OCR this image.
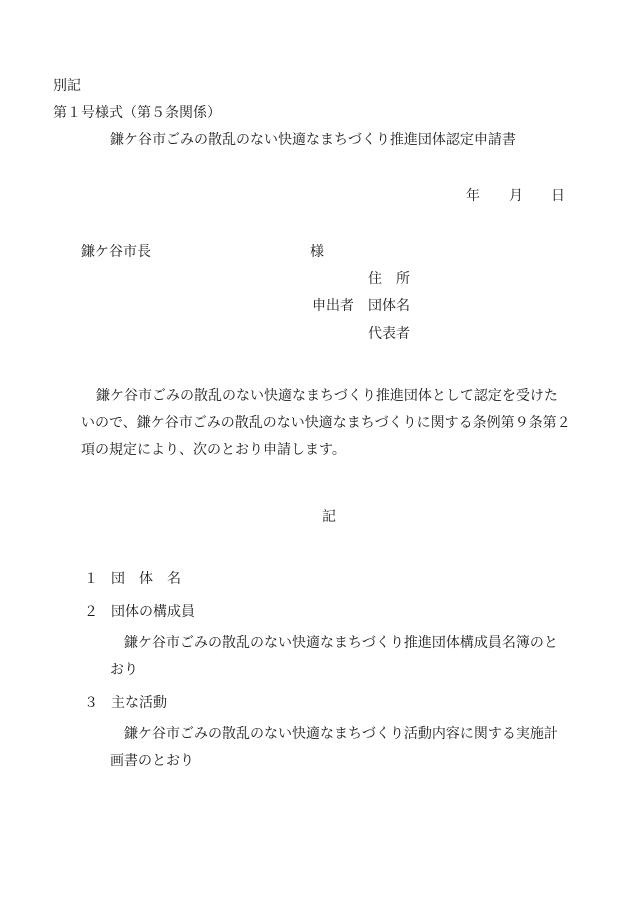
別記
第１号様式（第５条関係）
鎌ケ谷市ごみの散乱のない快適なまちづくり推進団体認定申請書
年 月 日
鎌ケ谷市長	様
住　所
申出者 団体名
代表者
鎌ケ谷市ごみの散乱のない快適なまちづくり推進団体として認定を受けた
いので、鎌ケ谷市ごみの散乱のない快適なまちづくりに関する条例第９条第２
項の規定により、次のとおり申請します。
記
１ 団　体　名
２ 団体の構成員
鎌ケ谷市ごみの散乱のない快適なまちづくり推進団体構成員名簿のと
おり
３ 主な活動
鎌ケ谷市ごみの散乱のない快適なまちづくり活動内容に関する実施計
画書のとおり
